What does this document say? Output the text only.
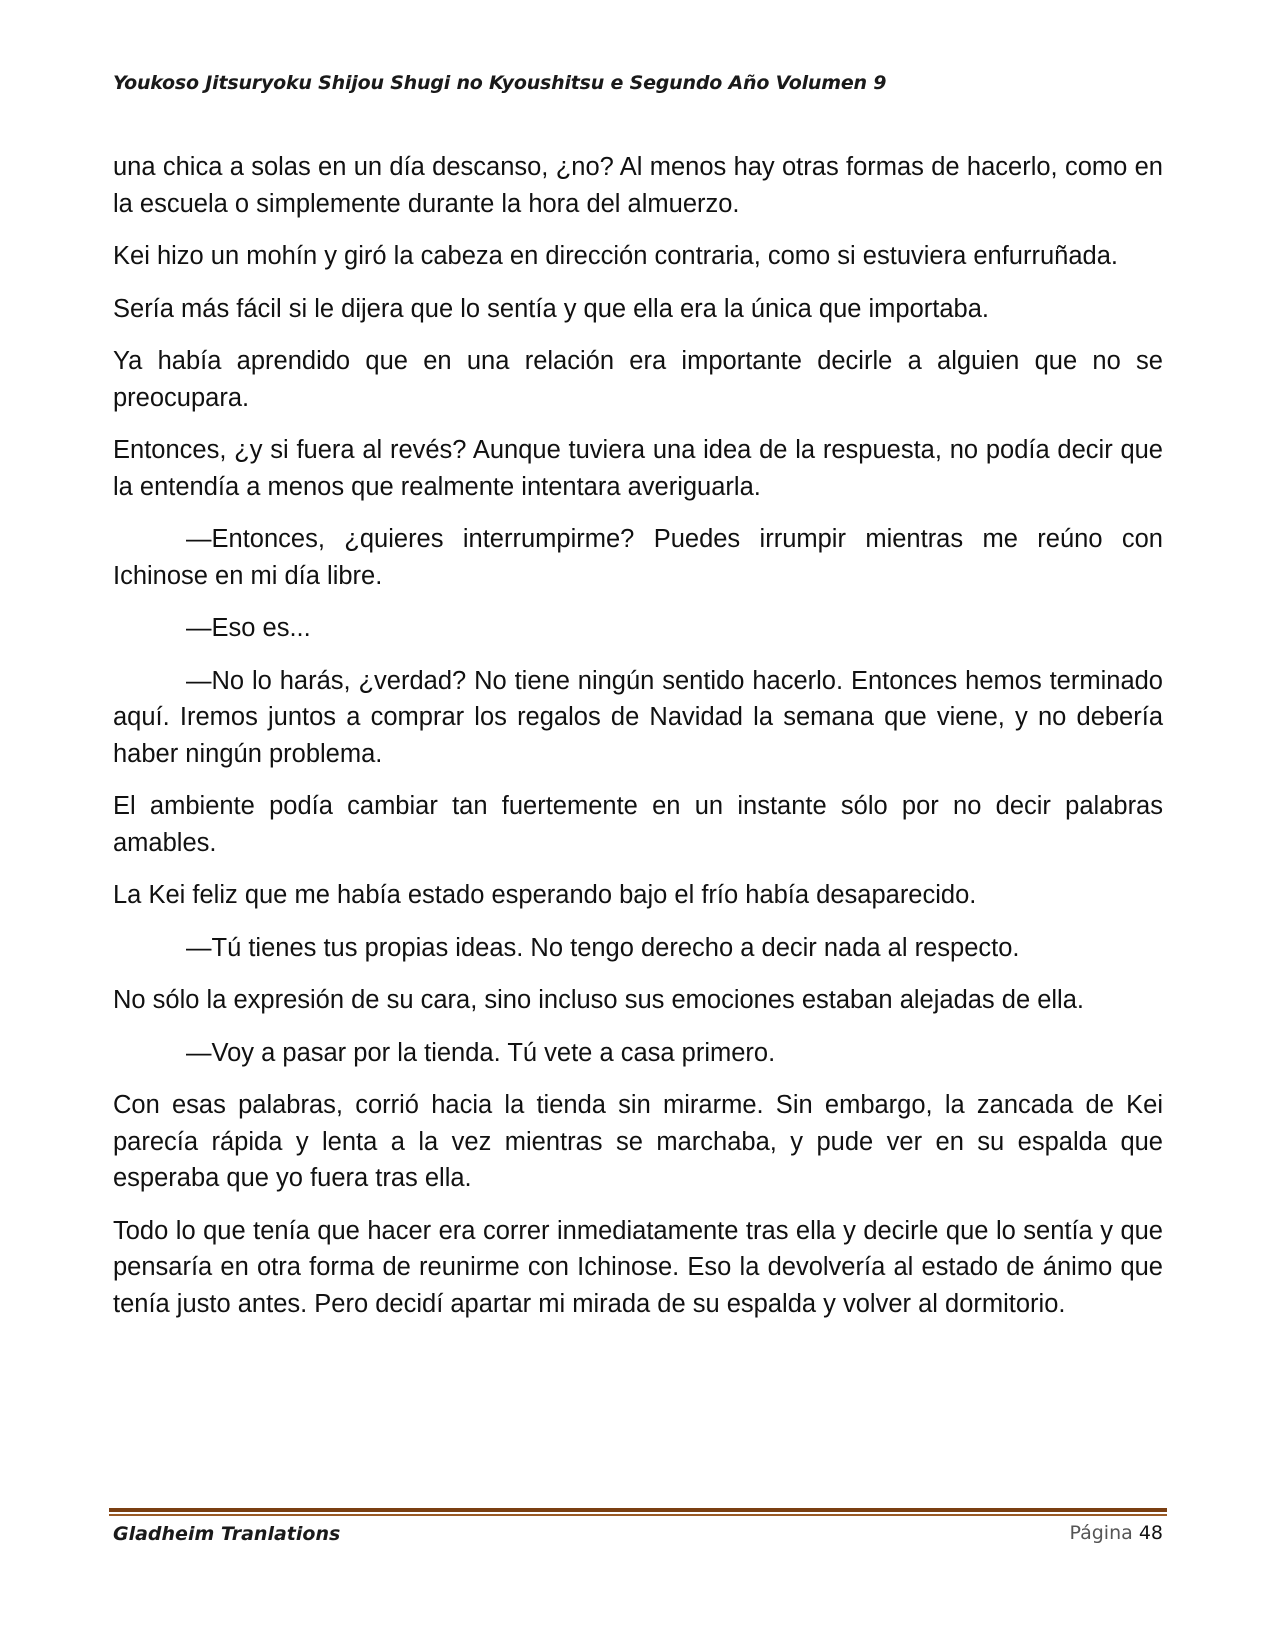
Youkoso Jitsuryoku Shijou Shugi no Kyoushitsu e Segundo Año Volumen 9

una chica a solas en un día descanso, ¿no? Al menos hay otras formas de hacerlo, como en la escuela o simplemente durante la hora del almuerzo.

Kei hizo un mohín y giró la cabeza en dirección contraria, como si estuviera enfurruñada.

Sería más fácil si le dijera que lo sentía y que ella era la única que importaba.

Ya había aprendido que en una relación era importante decirle a alguien que no se preocupara.

Entonces, ¿y si fuera al revés? Aunque tuviera una idea de la respuesta, no podía decir que la entendía a menos que realmente intentara averiguarla.

—Entonces, ¿quieres interrumpirme? Puedes irrumpir mientras me reúno con Ichinose en mi día libre.

—Eso es...

—No lo harás, ¿verdad? No tiene ningún sentido hacerlo. Entonces hemos terminado aquí. Iremos juntos a comprar los regalos de Navidad la semana que viene, y no debería haber ningún problema.

El ambiente podía cambiar tan fuertemente en un instante sólo por no decir palabras amables.

La Kei feliz que me había estado esperando bajo el frío había desaparecido.

—Tú tienes tus propias ideas. No tengo derecho a decir nada al respecto.

No sólo la expresión de su cara, sino incluso sus emociones estaban alejadas de ella.

—Voy a pasar por la tienda. Tú vete a casa primero.

Con esas palabras, corrió hacia la tienda sin mirarme. Sin embargo, la zancada de Kei parecía rápida y lenta a la vez mientras se marchaba, y pude ver en su espalda que esperaba que yo fuera tras ella.

Todo lo que tenía que hacer era correr inmediatamente tras ella y decirle que lo sentía y que pensaría en otra forma de reunirme con Ichinose. Eso la devolvería al estado de ánimo que tenía justo antes. Pero decidí apartar mi mirada de su espalda y volver al dormitorio.

Gladheim Tranlations	Página 48
